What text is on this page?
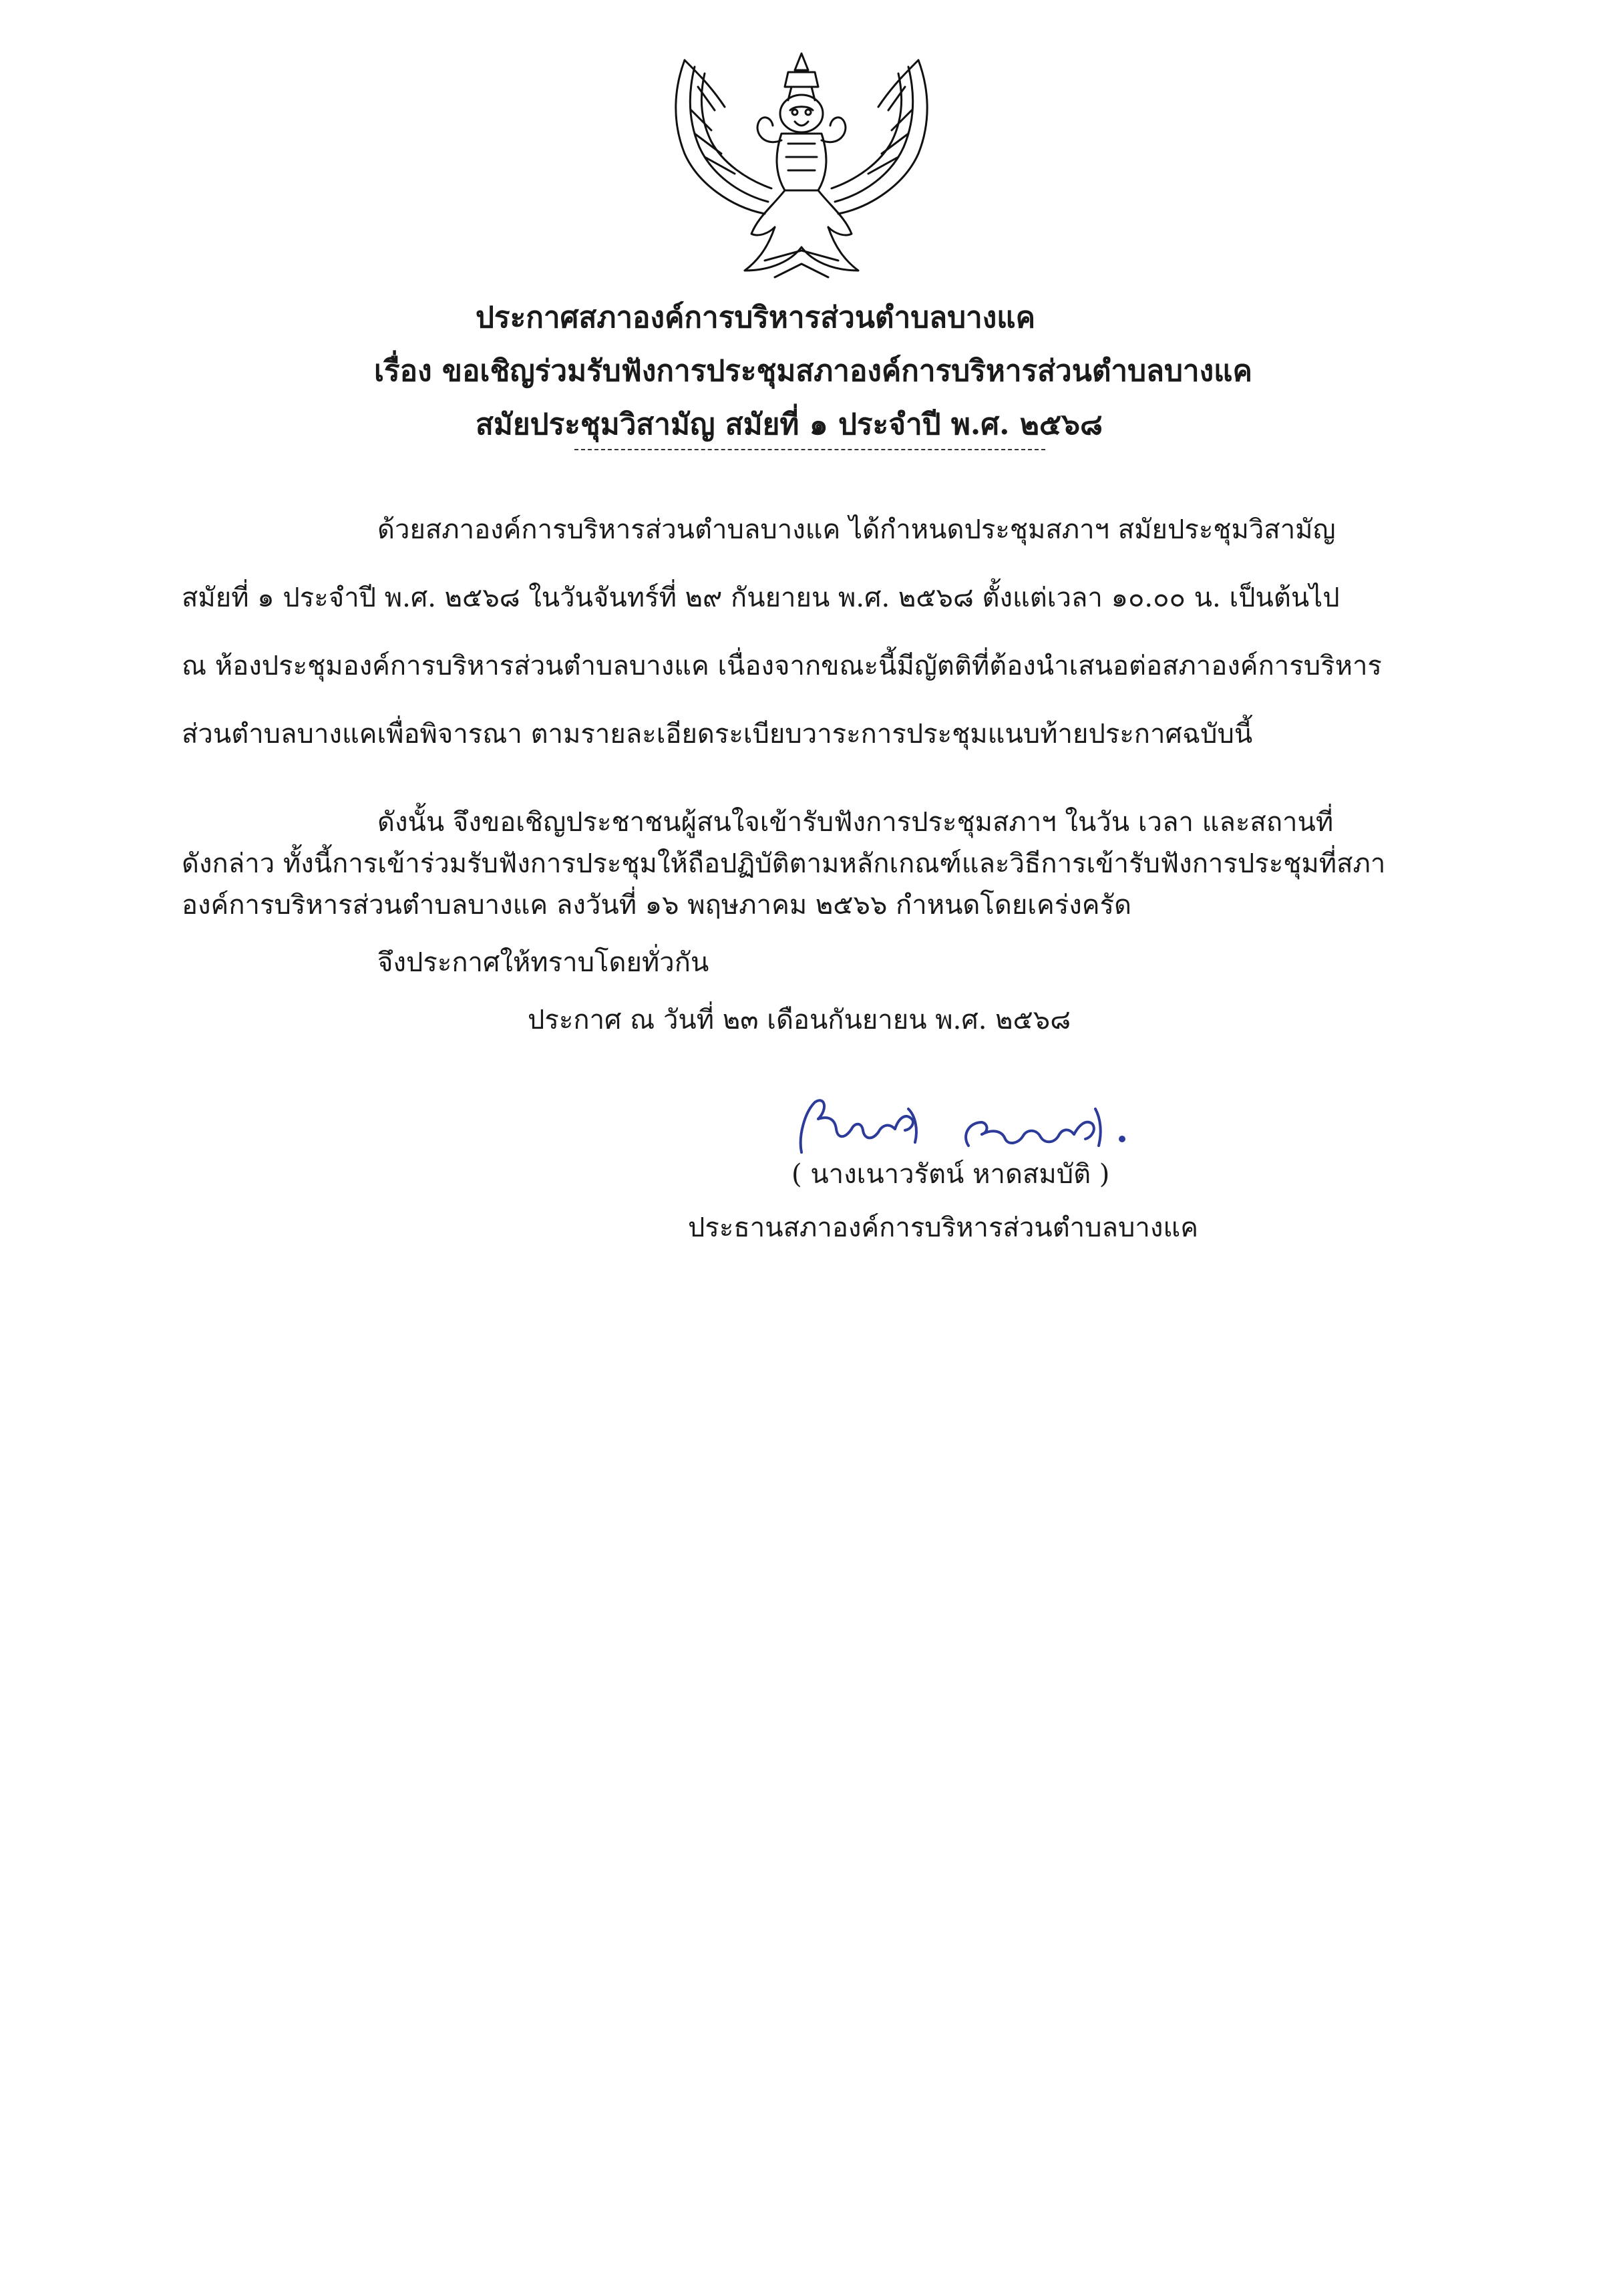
ประกาศสภาองค์การบริหารส่วนตำบลบางแค
เรื่อง ขอเชิญร่วมรับฟังการประชุมสภาองค์การบริหารส่วนตำบลบางแค
สมัยประชุมวิสามัญ สมัยที่ ๑ ประจำปี พ.ศ. ๒๕๖๘
ด้วยสภาองค์การบริหารส่วนตำบลบางแค ได้กำหนดประชุมสภาฯ สมัยประชุมวิสามัญ
สมัยที่ ๑ ประจำปี พ.ศ. ๒๕๖๘ ในวันจันทร์ที่ ๒๙ กันยายน พ.ศ. ๒๕๖๘ ตั้งแต่เวลา ๑๐.๐๐ น. เป็นต้นไป
ณ ห้องประชุมองค์การบริหารส่วนตำบลบางแค เนื่องจากขณะนี้มีญัตติที่ต้องนำเสนอต่อสภาองค์การบริหาร
ส่วนตำบลบางแคเพื่อพิจารณา ตามรายละเอียดระเบียบวาระการประชุมแนบท้ายประกาศฉบับนี้
ดังนั้น จึงขอเชิญประชาชนผู้สนใจเข้ารับฟังการประชุมสภาฯ ในวัน เวลา และสถานที่
ดังกล่าว ทั้งนี้การเข้าร่วมรับฟังการประชุมให้ถือปฏิบัติตามหลักเกณฑ์และวิธีการเข้ารับฟังการประชุมที่สภา
องค์การบริหารส่วนตำบลบางแค ลงวันที่ ๑๖ พฤษภาคม ๒๕๖๖ กำหนดโดยเคร่งครัด
จึงประกาศให้ทราบโดยทั่วกัน
ประกาศ ณ วันที่ ๒๓ เดือนกันยายน พ.ศ. ๒๕๖๘
( นางเนาวรัตน์ หาดสมบัติ )
ประธานสภาองค์การบริหารส่วนตำบลบางแค
